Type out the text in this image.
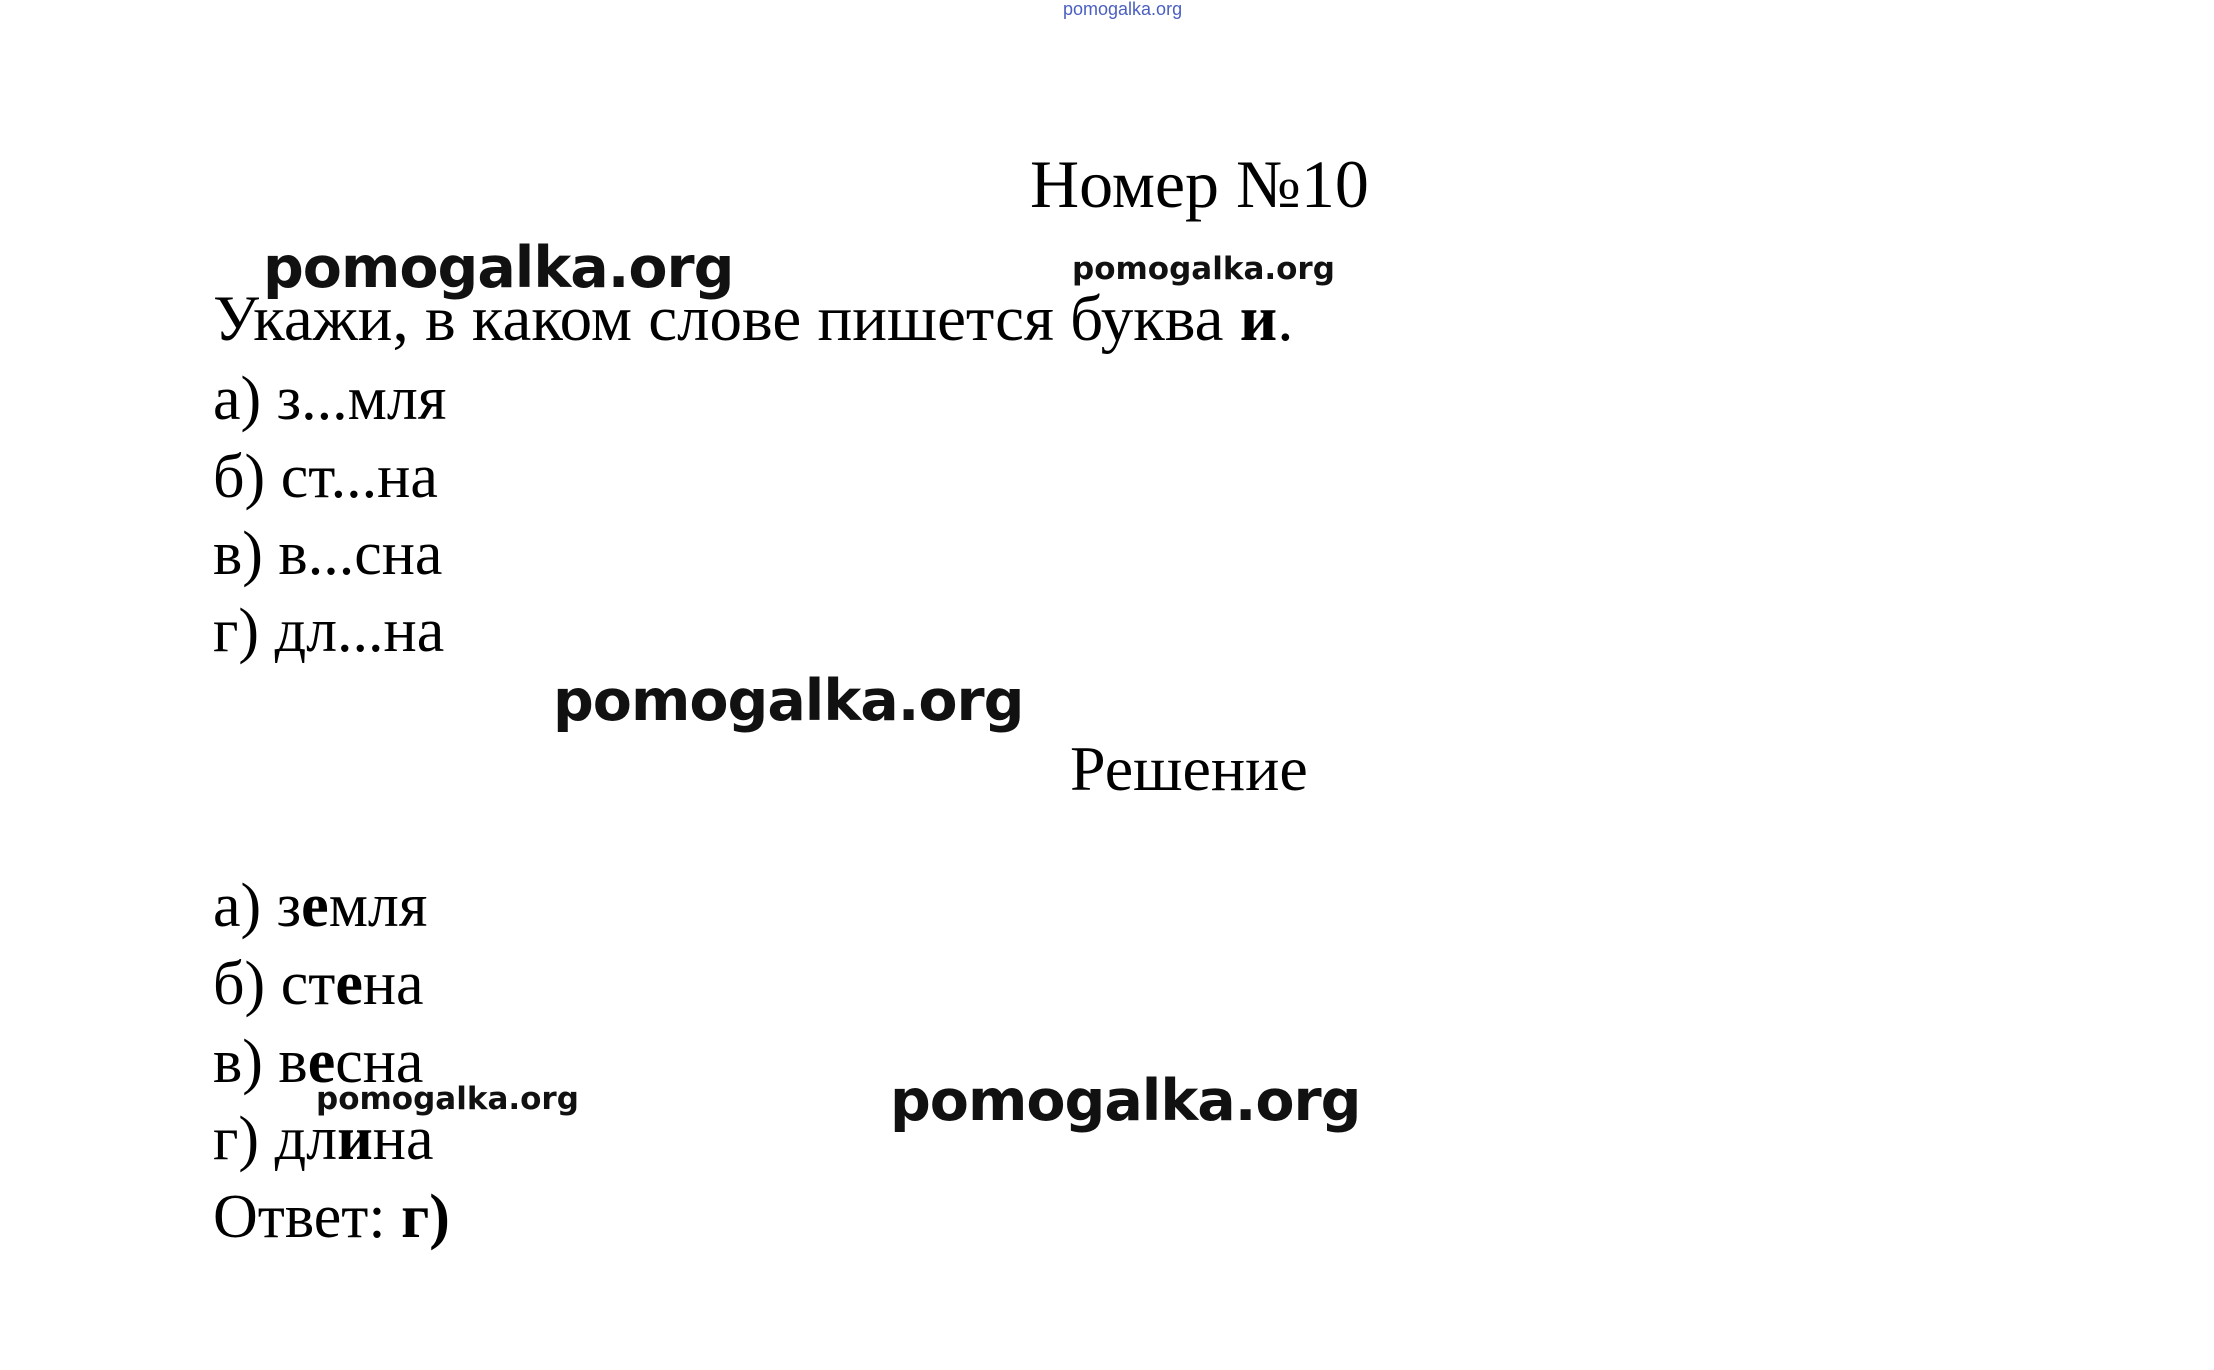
pomogalka.org
Номер №10
pomogalka.org	pomogalka.org
Укажи, в каком слове пишется буква и.
а) з...мля
б) ст...на
в) в...сна
г) дл...на
pomogalka.org
Решение
а) земля
б) стена
в) весна
г) длина
pomogalka.org	pomogalka.org
Ответ: г)
